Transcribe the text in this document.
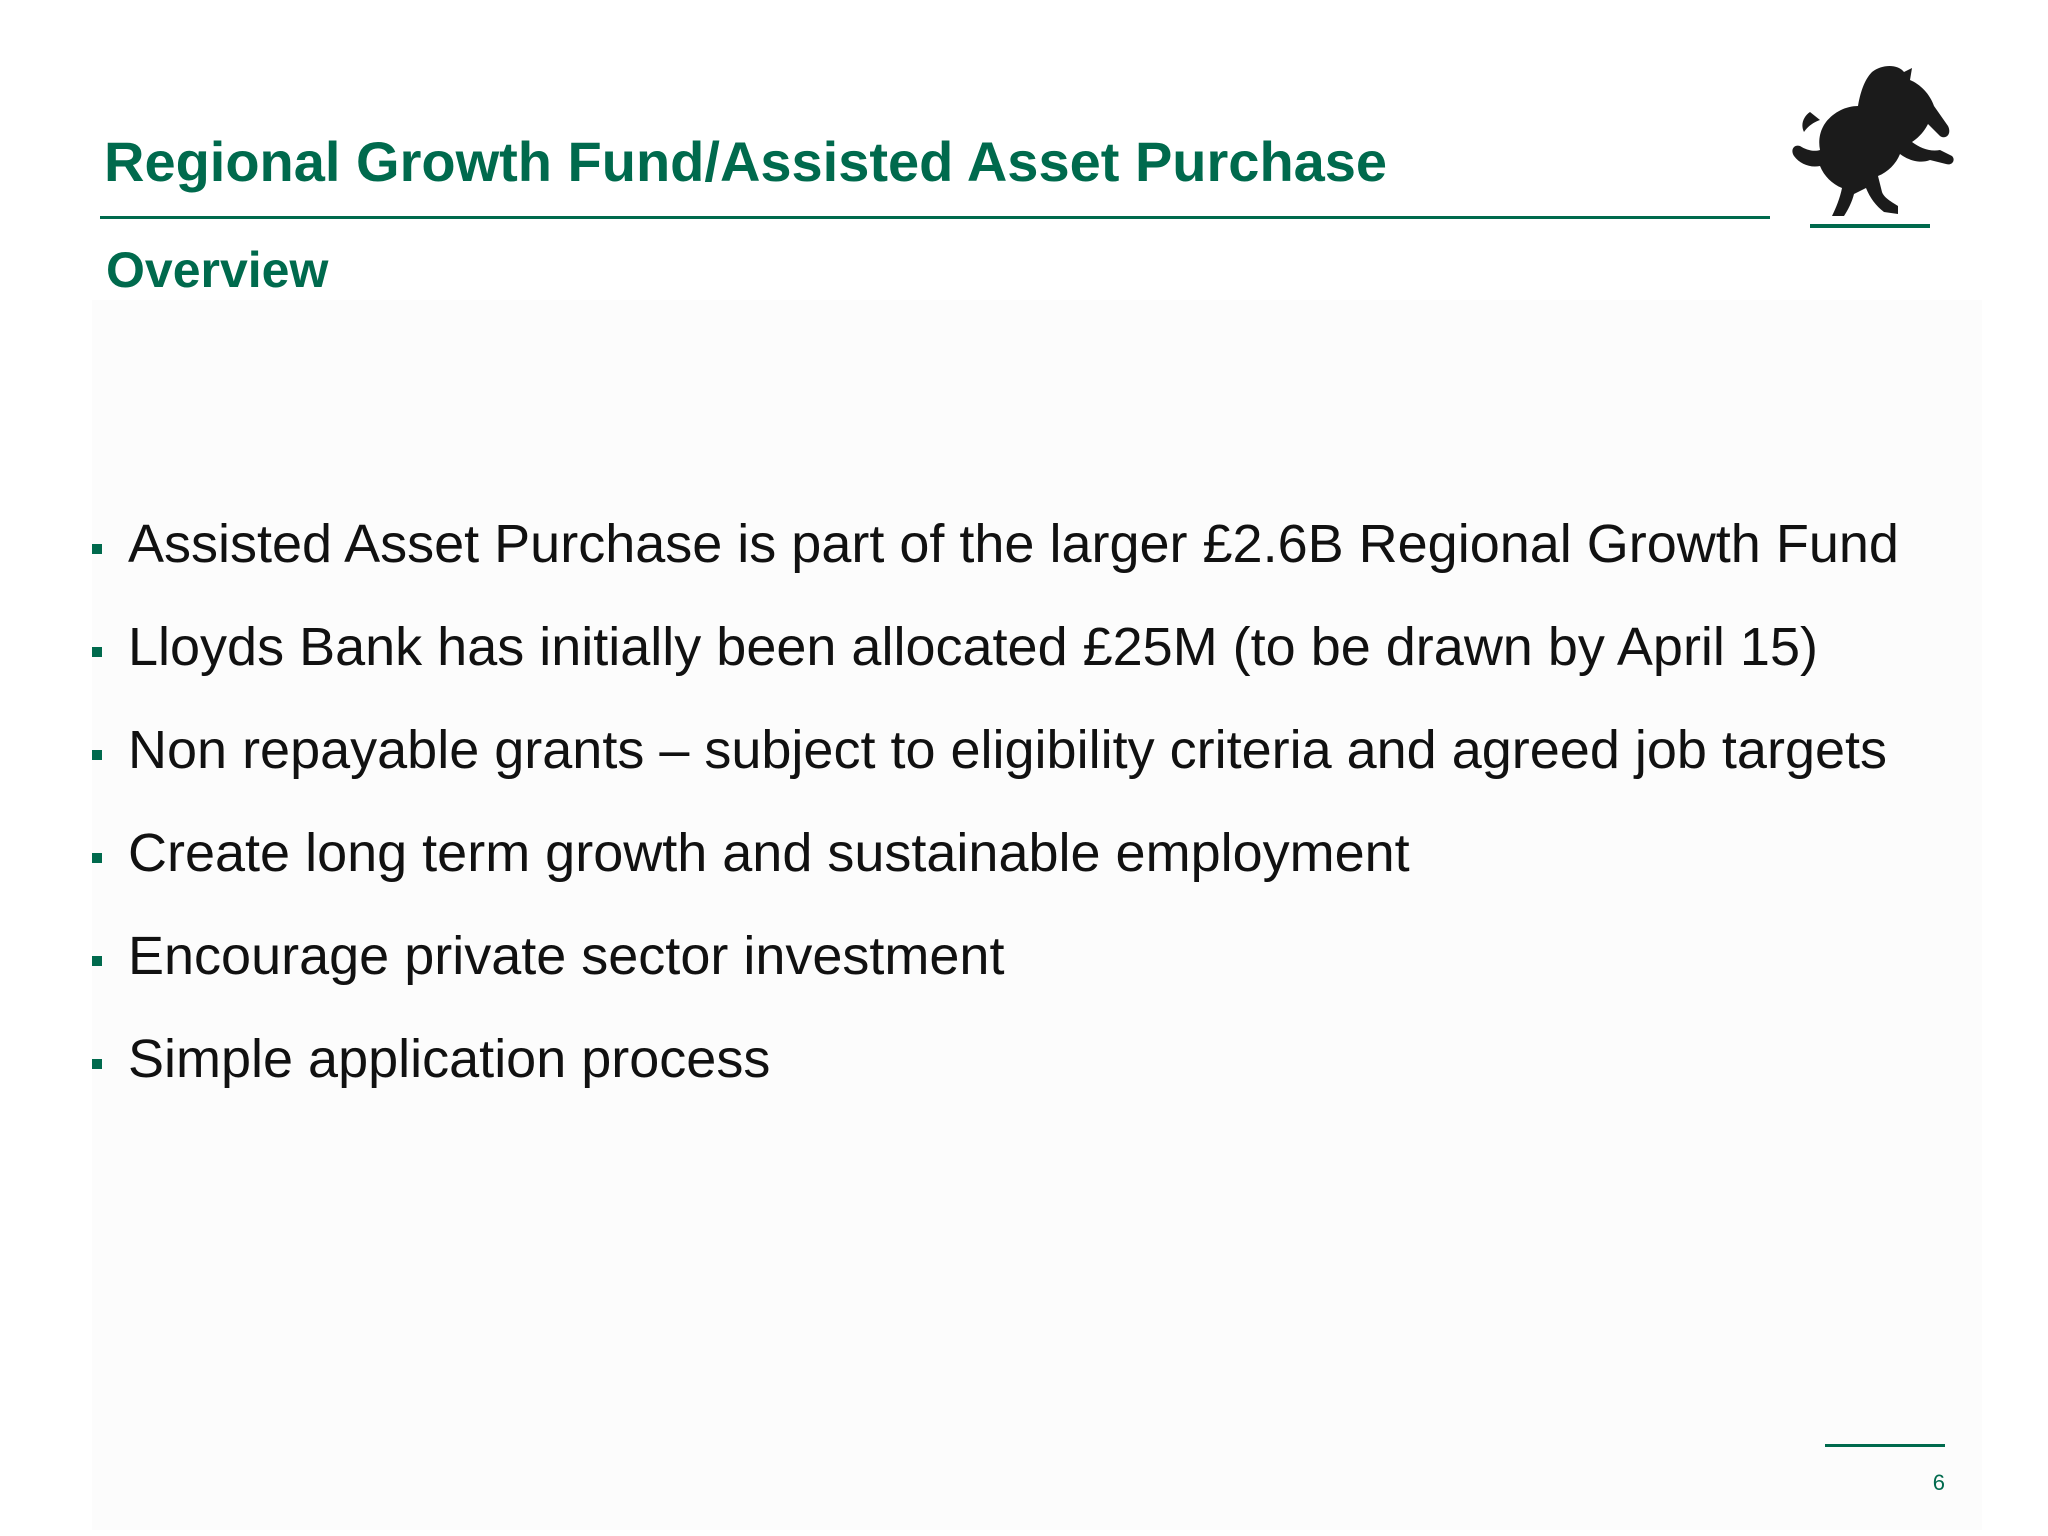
Regional Growth Fund/Assisted Asset Purchase
Overview
Assisted Asset Purchase is part of the larger £2.6B Regional Growth Fund
Lloyds Bank has initially been allocated £25M (to be drawn by April 15)
Non repayable grants – subject to eligibility criteria and agreed job targets
Create long term growth and sustainable employment
Encourage private sector investment
Simple application process
6
